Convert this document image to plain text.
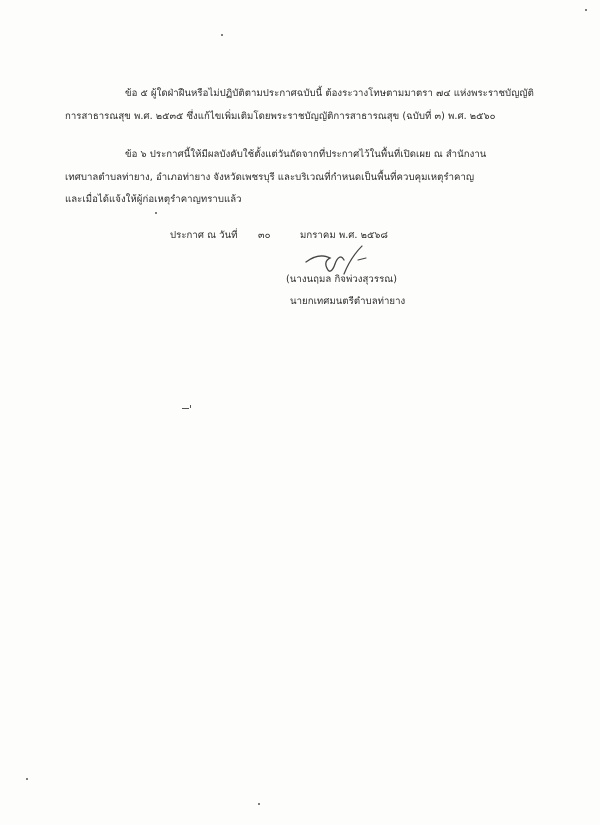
ข้อ ๕ ผู้ใดฝ่าฝืนหรือไม่ปฏิบัติตามประกาศฉบับนี้ ต้องระวางโทษตามมาตรา ๗๔ แห่งพระราชบัญญัติ
การสาธารณสุข พ.ศ. ๒๕๓๕ ซึ่งแก้ไขเพิ่มเติมโดยพระราชบัญญัติการสาธารณสุข (ฉบับที่ ๓) พ.ศ. ๒๕๖๐
ข้อ ๖ ประกาศนี้ให้มีผลบังคับใช้ตั้งแต่วันถัดจากที่ประกาศไว้ในพื้นที่เปิดเผย ณ สำนักงาน
เทศบาลตำบลท่ายาง, อำเภอท่ายาง จังหวัดเพชรบุรี และบริเวณที่กำหนดเป็นพื้นที่ควบคุมเหตุรำคาญ
และเมื่อได้แจ้งให้ผู้ก่อเหตุรำคาญทราบแล้ว
ประกาศ ณ วันที่ ๓๐	มกราคม พ.ศ. ๒๕๖๘
(นางนฤมล กิจพ่วงสุวรรณ)
นายกเทศมนตรีตำบลท่ายาง
